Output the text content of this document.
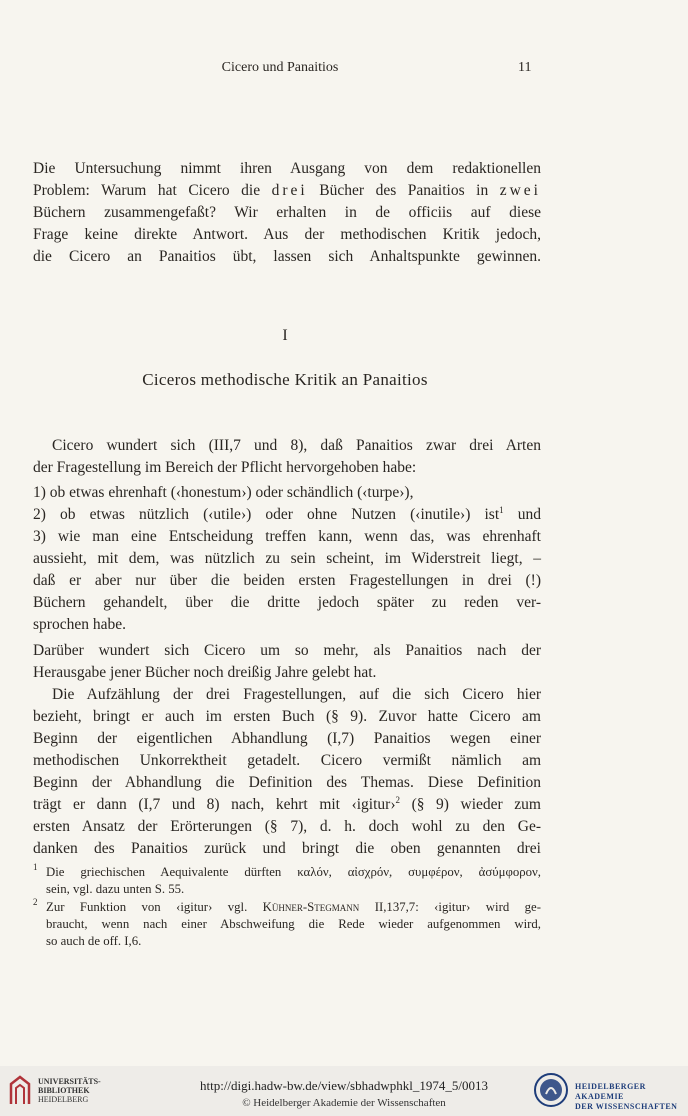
Cicero und Panaitios	11
Die Untersuchung nimmt ihren Ausgang von dem redaktionellen
Problem: Warum hat Cicero die drei Bücher des Panaitios in zwei
Büchern zusammengefaßt? Wir erhalten in de officiis auf diese
Frage keine direkte Antwort. Aus der methodischen Kritik jedoch,
die Cicero an Panaitios übt, lassen sich Anhaltspunkte gewinnen.
I
Ciceros methodische Kritik an Panaitios
Cicero wundert sich (III,7 und 8), daß Panaitios zwar drei Arten
der Fragestellung im Bereich der Pflicht hervorgehoben habe:
1) ob etwas ehrenhaft (‹honestum›) oder schändlich (‹turpe›),
2) ob etwas nützlich (‹utile›) oder ohne Nutzen (‹inutile›) ist$^1$ und
3) wie man eine Entscheidung treffen kann, wenn das, was ehrenhaft
aussieht, mit dem, was nützlich zu sein scheint, im Widerstreit liegt, –
daß er aber nur über die beiden ersten Fragestellungen in drei (!)
Büchern gehandelt, über die dritte jedoch später zu reden ver-
sprochen habe.
Darüber wundert sich Cicero um so mehr, als Panaitios nach der
Herausgabe jener Bücher noch dreißig Jahre gelebt hat.
Die Aufzählung der drei Fragestellungen, auf die sich Cicero hier
bezieht, bringt er auch im ersten Buch (§ 9). Zuvor hatte Cicero am
Beginn der eigentlichen Abhandlung (I,7) Panaitios wegen einer
methodischen Unkorrektheit getadelt. Cicero vermißt nämlich am
Beginn der Abhandlung die Definition des Themas. Diese Definition
trägt er dann (I,7 und 8) nach, kehrt mit ‹igitur›$^2$ (§ 9) wieder zum
ersten Ansatz der Erörterungen (§ 7), d. h. doch wohl zu den Ge-
danken des Panaitios zurück und bringt die oben genannten drei
1 Die griechischen Aequivalente dürften καλόν, αἰσχρόν, συμφέρον, ἀσύμφορον,
sein, vgl. dazu unten S. 55.
2 Zur Funktion von ‹igitur› vgl. Kühner-Stegmann II,137,7: ‹igitur› wird ge-
braucht, wenn nach einer Abschweifung die Rede wieder aufgenommen wird,
so auch de off. I,6.
UNIVERSITÄTS-
BIBLIOTHEK
HEIDELBERG
http://digi.hadw-bw.de/view/sbhadwphkl_1974_5/0013
© Heidelberger Akademie der Wissenschaften
HEIDELBERGER AKADEMIE
DER WISSENSCHAFTEN
